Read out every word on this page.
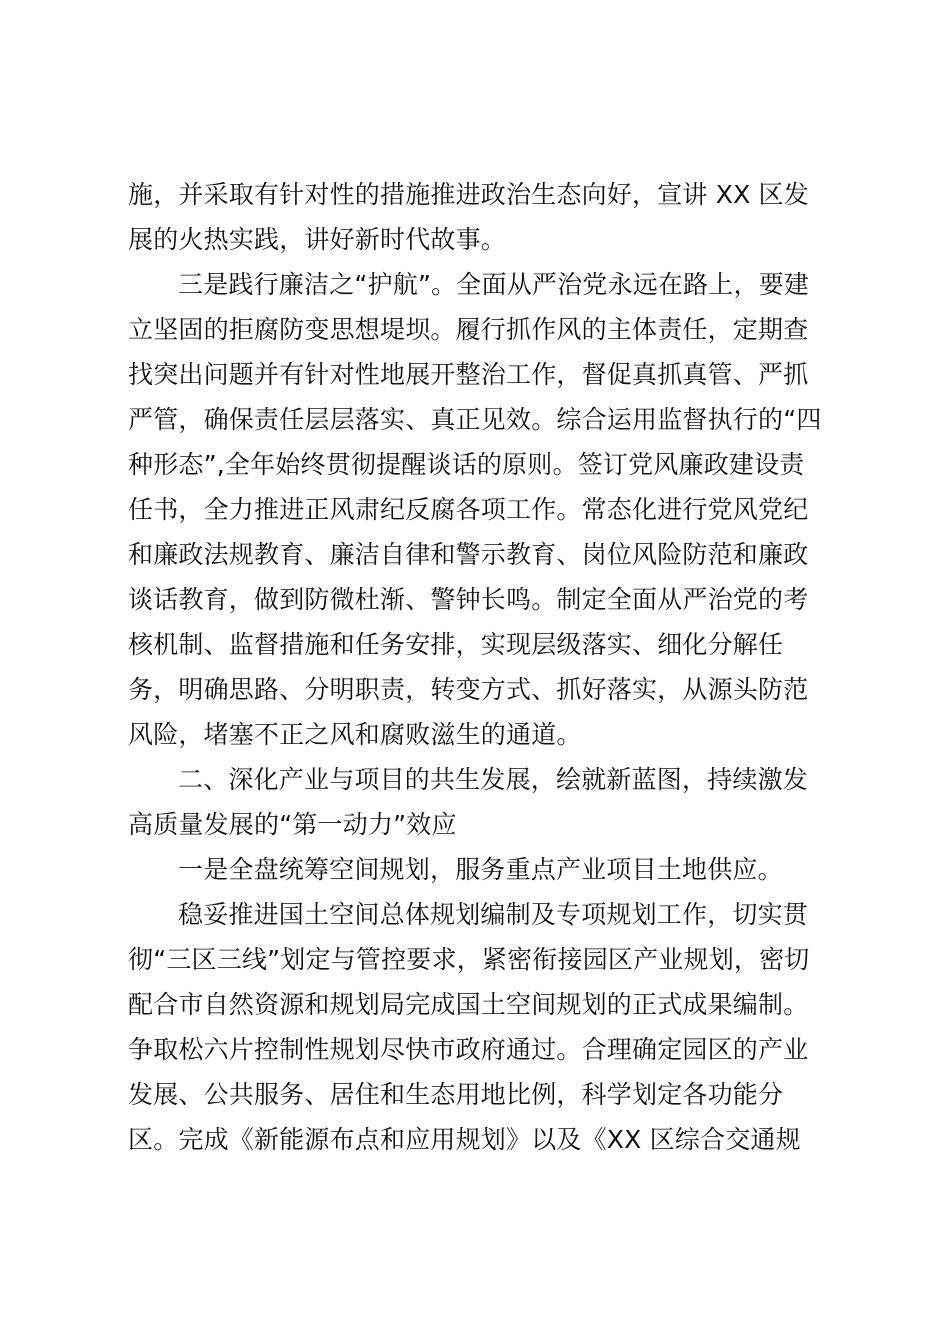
施，并采取有针对性的措施推进政治生态向好，宣讲 XX 区发
展的火热实践，讲好新时代故事。
三是践行廉洁之“护航”。全面从严治党永远在路上，要建
立坚固的拒腐防变思想堤坝。履行抓作风的主体责任，定期查
找突出问题并有针对性地展开整治工作，督促真抓真管、严抓
严管，确保责任层层落实、真正见效。综合运用监督执行的“四
种形态”,全年始终贯彻提醒谈话的原则。签订党风廉政建设责
任书，全力推进正风肃纪反腐各项工作。常态化进行党风党纪
和廉政法规教育、廉洁自律和警示教育、岗位风险防范和廉政
谈话教育，做到防微杜渐、警钟长鸣。制定全面从严治党的考
核机制、监督措施和任务安排，实现层级落实、细化分解任
务，明确思路、分明职责，转变方式、抓好落实，从源头防范
风险，堵塞不正之风和腐败滋生的通道。
二、深化产业与项目的共生发展，绘就新蓝图，持续激发
高质量发展的“第一动力”效应
一是全盘统筹空间规划，服务重点产业项目土地供应。
稳妥推进国土空间总体规划编制及专项规划工作，切实贯
彻“三区三线”划定与管控要求，紧密衔接园区产业规划，密切
配合市自然资源和规划局完成国土空间规划的正式成果编制。
争取松六片控制性规划尽快市政府通过。合理确定园区的产业
发展、公共服务、居住和生态用地比例，科学划定各功能分
区。完成《新能源布点和应用规划》以及《XX 区综合交通规
